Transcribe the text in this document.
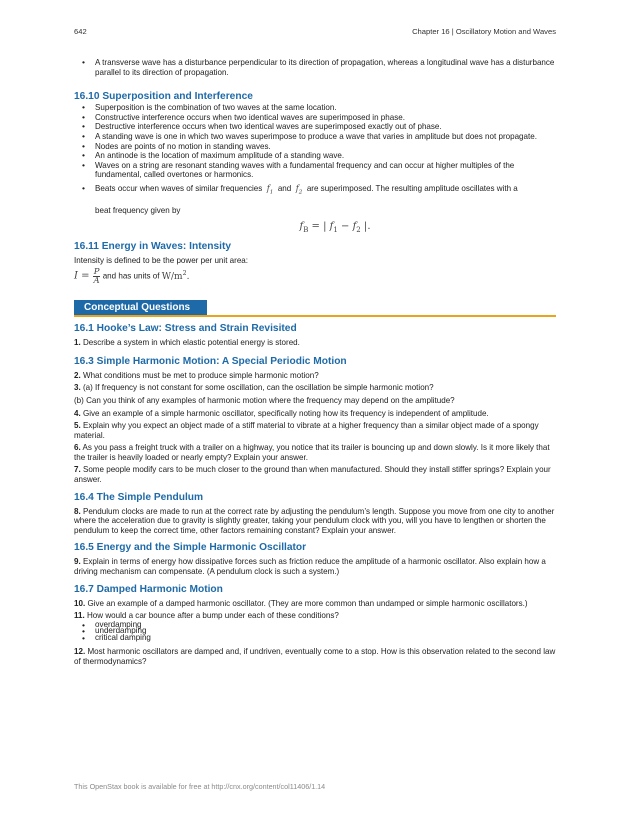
642	Chapter 16 | Oscillatory Motion and Waves
• A transverse wave has a disturbance perpendicular to its direction of propagation, whereas a longitudinal wave has a disturbance parallel to its direction of propagation.
16.10 Superposition and Interference
• Superposition is the combination of two waves at the same location.
• Constructive interference occurs when two identical waves are superimposed in phase.
• Destructive interference occurs when two identical waves are superimposed exactly out of phase.
• A standing wave is one in which two waves superimpose to produce a wave that varies in amplitude but does not propagate.
• Nodes are points of no motion in standing waves.
• An antinode is the location of maximum amplitude of a standing wave.
• Waves on a string are resonant standing waves with a fundamental frequency and can occur at higher multiples of the fundamental, called overtones or harmonics.
• Beats occur when waves of similar frequencies $f_1$ and $f_2$ are superimposed. The resulting amplitude oscillates with a
beat frequency given by
$f_B$ = | $f_1 - f_2$ |.
16.11 Energy in Waves: Intensity
Intensity is defined to be the power per unit area:
$I = \frac{P}{A}$ and has units of $W/m^2$.
Conceptual Questions
16.1 Hooke’s Law: Stress and Strain Revisited
1. Describe a system in which elastic potential energy is stored.
16.3 Simple Harmonic Motion: A Special Periodic Motion
2. What conditions must be met to produce simple harmonic motion?
3. (a) If frequency is not constant for some oscillation, can the oscillation be simple harmonic motion?
(b) Can you think of any examples of harmonic motion where the frequency may depend on the amplitude?
4. Give an example of a simple harmonic oscillator, specifically noting how its frequency is independent of amplitude.
5. Explain why you expect an object made of a stiff material to vibrate at a higher frequency than a similar object made of a spongy material.
6. As you pass a freight truck with a trailer on a highway, you notice that its trailer is bouncing up and down slowly. Is it more likely that the trailer is heavily loaded or nearly empty? Explain your answer.
7. Some people modify cars to be much closer to the ground than when manufactured. Should they install stiffer springs? Explain your answer.
16.4 The Simple Pendulum
8. Pendulum clocks are made to run at the correct rate by adjusting the pendulum’s length. Suppose you move from one city to another where the acceleration due to gravity is slightly greater, taking your pendulum clock with you, will you have to lengthen or shorten the pendulum to keep the correct time, other factors remaining constant? Explain your answer.
16.5 Energy and the Simple Harmonic Oscillator
9. Explain in terms of energy how dissipative forces such as friction reduce the amplitude of a harmonic oscillator. Also explain how a driving mechanism can compensate. (A pendulum clock is such a system.)
16.7 Damped Harmonic Motion
10. Give an example of a damped harmonic oscillator. (They are more common than undamped or simple harmonic oscillators.)
11. How would a car bounce after a bump under each of these conditions?
• overdamping
• underdamping
• critical damping
12. Most harmonic oscillators are damped and, if undriven, eventually come to a stop. How is this observation related to the second law of thermodynamics?
This OpenStax book is available for free at http://cnx.org/content/col11406/1.14
